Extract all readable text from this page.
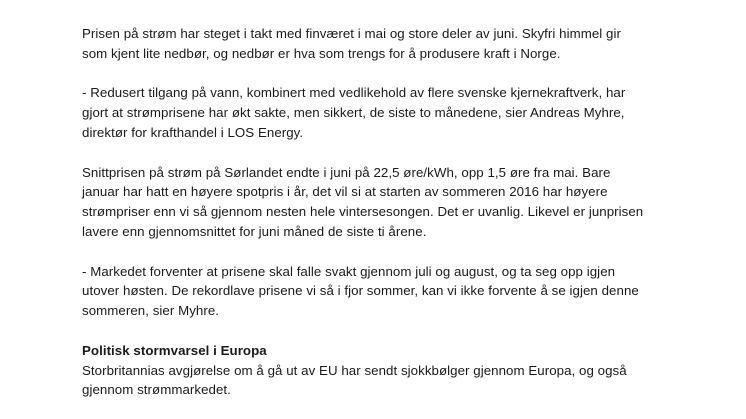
Prisen på strøm har steget i takt med finværet i mai og store deler av juni. Skyfri himmel gir
som kjent lite nedbør, og nedbør er hva som trengs for å produsere kraft i Norge.
- Redusert tilgang på vann, kombinert med vedlikehold av flere svenske kjernekraftverk, har
gjort at strømprisene har økt sakte, men sikkert, de siste to månedene, sier Andreas Myhre,
direktør for krafthandel i LOS Energy.
Snittprisen på strøm på Sørlandet endte i juni på 22,5 øre/kWh, opp 1,5 øre fra mai. Bare
januar har hatt en høyere spotpris i år, det vil si at starten av sommeren 2016 har høyere
strømpriser enn vi så gjennom nesten hele vintersesongen. Det er uvanlig. Likevel er junprisen
lavere enn gjennomsnittet for juni måned de siste ti årene.
- Markedet forventer at prisene skal falle svakt gjennom juli og august, og ta seg opp igjen
utover høsten. De rekordlave prisene vi så i fjor sommer, kan vi ikke forvente å se igjen denne
sommeren, sier Myhre.
Politisk stormvarsel i Europa
Storbritannias avgjørelse om å gå ut av EU har sendt sjokkbølger gjennom Europa, og også
gjennom strømmarkedet.
